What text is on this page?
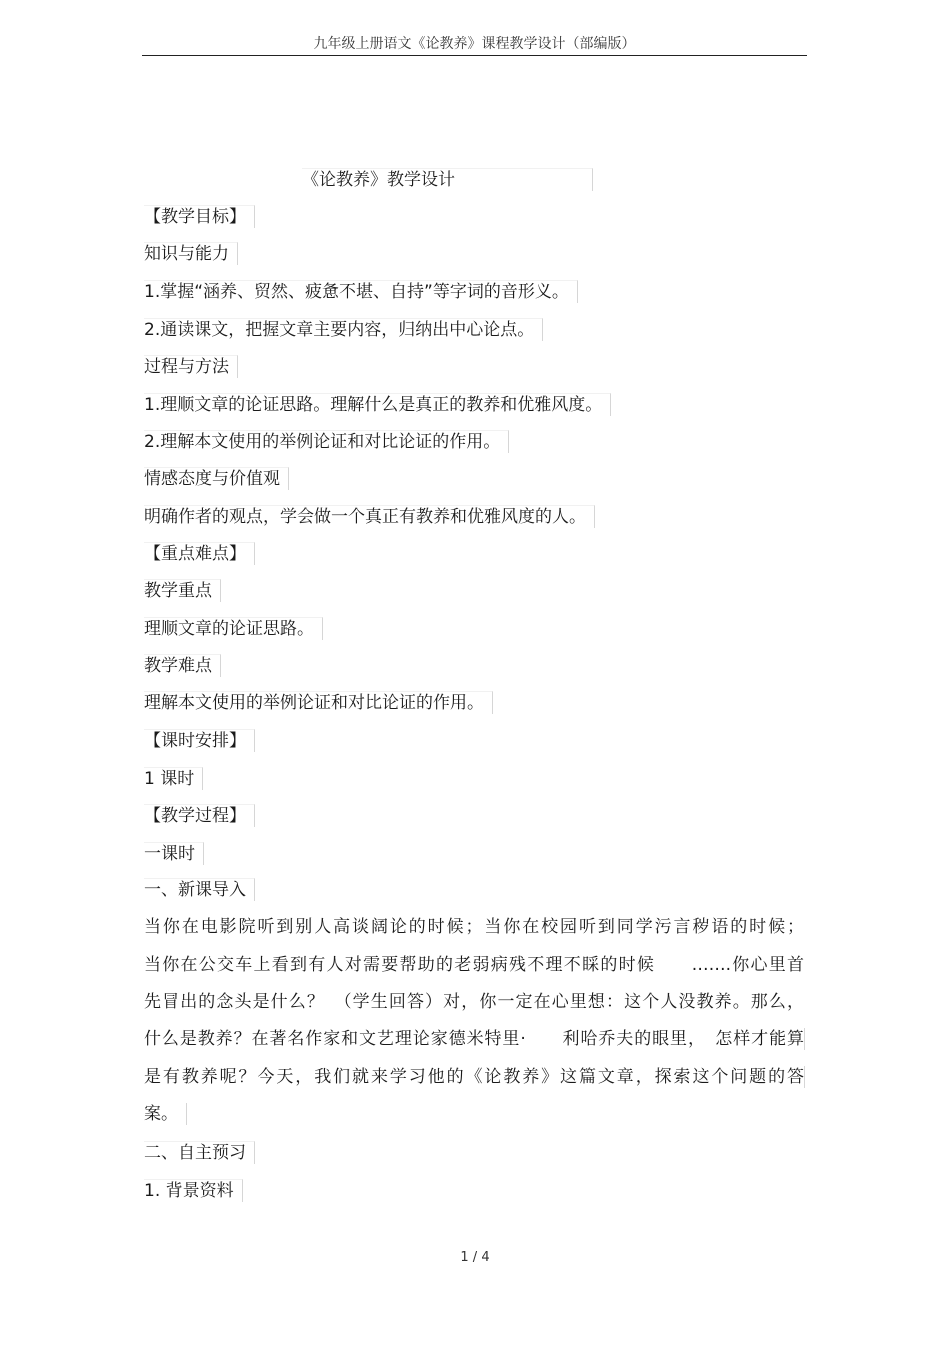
九年级上册语文《论教养》课程教学设计（部编版）
《论教养》教学设计
【教学目标】
知识与能力
1.掌握“涵养、贸然、疲惫不堪、自持”等字词的音形义。
2.通读课文，把握文章主要内容，归纳出中心论点。
过程与方法
1.理顺文章的论证思路。理解什么是真正的教养和优雅风度。
2.理解本文使用的举例论证和对比论证的作用。
情感态度与价值观
明确作者的观点，学会做一个真正有教养和优雅风度的人。
【重点难点】
教学重点
理顺文章的论证思路。
教学难点
理解本文使用的举例论证和对比论证的作用。
【课时安排】
1 课时
【教学过程】
一课时
一、新课导入
当你在电影院听到别人高谈阔论的时候；当你在校园听到同学污言秽语的时候；
当你在公交车上看到有人对需要帮助的老弱病残不理不睬的时候　　…….你心里首
先冒出的念头是什么？　（学生回答）对，你一定在心里想：这个人没教养。那么，
什么是教养？在著名作家和文艺理论家德米特里·　　利哈乔夫的眼里，　怎样才能算
是有教养呢？今天，我们就来学习他的《论教养》这篇文章，探索这个问题的答
案。
二、自主预习
1. 背景资料
1 / 4
